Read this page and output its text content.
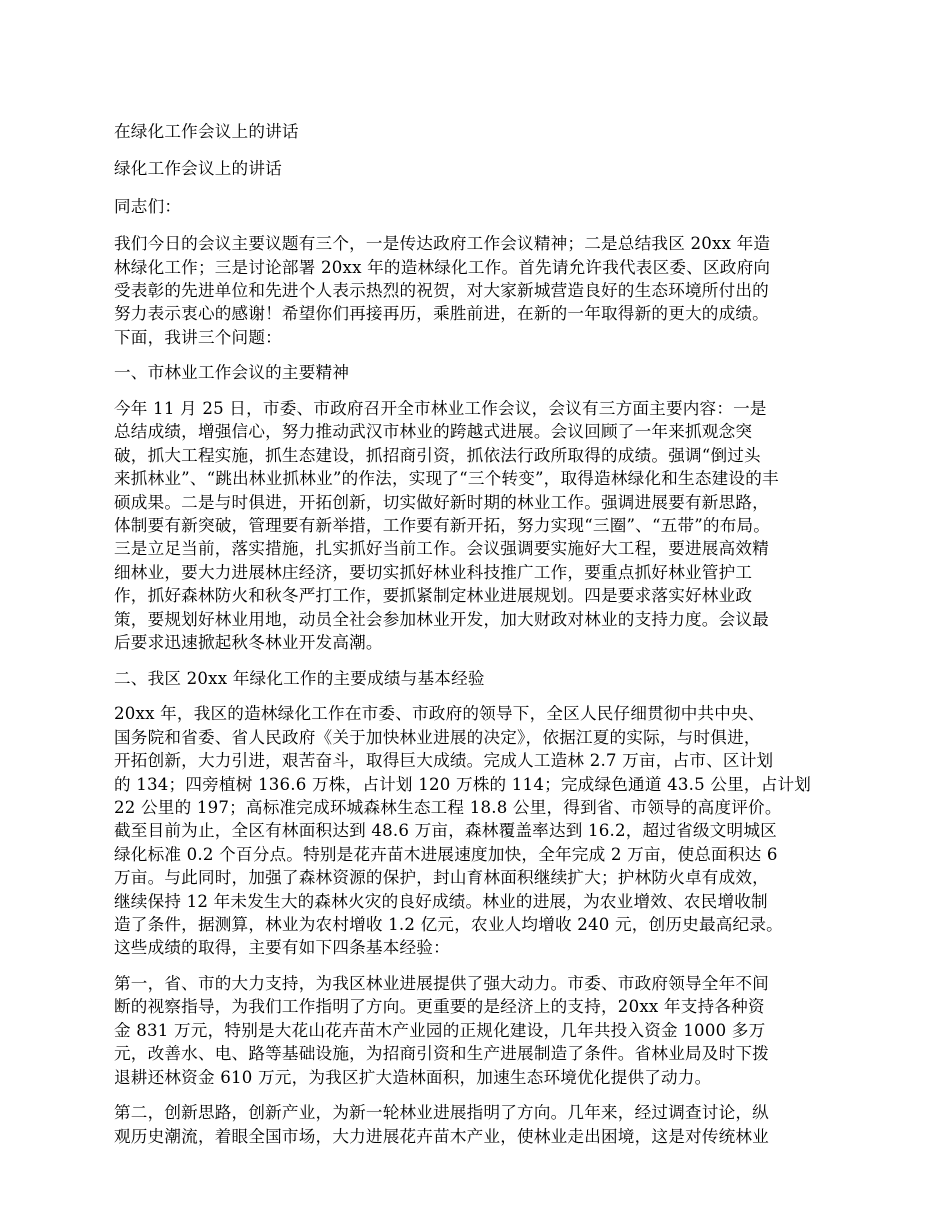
在绿化工作会议上的讲话
绿化工作会议上的讲话
同志们：
我们今日的会议主要议题有三个，一是传达政府工作会议精神；二是总结我区 20xx 年造
林绿化工作；三是讨论部署 20xx 年的造林绿化工作。首先请允许我代表区委、区政府向
受表彰的先进单位和先进个人表示热烈的祝贺，对大家新城营造良好的生态环境所付出的
努力表示衷心的感谢！希望你们再接再历，乘胜前进，在新的一年取得新的更大的成绩。
下面，我讲三个问题：
一、市林业工作会议的主要精神
今年 11 月 25 日，市委、市政府召开全市林业工作会议，会议有三方面主要内容：一是
总结成绩，增强信心，努力推动武汉市林业的跨越式进展。会议回顾了一年来抓观念突
破，抓大工程实施，抓生态建设，抓招商引资，抓依法行政所取得的成绩。强调“倒过头
来抓林业”、“跳出林业抓林业”的作法，实现了“三个转变”，取得造林绿化和生态建设的丰
硕成果。二是与时俱进，开拓创新，切实做好新时期的林业工作。强调进展要有新思路，
体制要有新突破，管理要有新举措，工作要有新开拓，努力实现“三圈”、“五带”的布局。
三是立足当前，落实措施，扎实抓好当前工作。会议强调要实施好大工程，要进展高效精
细林业，要大力进展林庄经济，要切实抓好林业科技推广工作，要重点抓好林业管护工
作，抓好森林防火和秋冬严打工作，要抓紧制定林业进展规划。四是要求落实好林业政
策，要规划好林业用地，动员全社会参加林业开发，加大财政对林业的支持力度。会议最
后要求迅速掀起秋冬林业开发高潮。
二、我区 20xx 年绿化工作的主要成绩与基本经验
20xx 年，我区的造林绿化工作在市委、市政府的领导下，全区人民仔细贯彻中共中央、
国务院和省委、省人民政府《关于加快林业进展的决定》，依据江夏的实际，与时俱进，
开拓创新，大力引进，艰苦奋斗，取得巨大成绩。完成人工造林 2.7 万亩，占市、区计划
的 134；四旁植树 136.6 万株，占计划 120 万株的 114；完成绿色通道 43.5 公里，占计划
22 公里的 197；高标准完成环城森林生态工程 18.8 公里，得到省、市领导的高度评价。
截至目前为止，全区有林面积达到 48.6 万亩，森林覆盖率达到 16.2，超过省级文明城区
绿化标准 0.2 个百分点。特别是花卉苗木进展速度加快，全年完成 2 万亩，使总面积达 6
万亩。与此同时，加强了森林资源的保护，封山育林面积继续扩大；护林防火卓有成效，
继续保持 12 年未发生大的森林火灾的良好成绩。林业的进展，为农业增效、农民增收制
造了条件，据测算，林业为农村增收 1.2 亿元，农业人均增收 240 元，创历史最高纪录。
这些成绩的取得，主要有如下四条基本经验：
第一，省、市的大力支持，为我区林业进展提供了强大动力。市委、市政府领导全年不间
断的视察指导，为我们工作指明了方向。更重要的是经济上的支持，20xx 年支持各种资
金 831 万元，特别是大花山花卉苗木产业园的正规化建设，几年共投入资金 1000 多万
元，改善水、电、路等基础设施，为招商引资和生产进展制造了条件。省林业局及时下拨
退耕还林资金 610 万元，为我区扩大造林面积，加速生态环境优化提供了动力。
第二，创新思路，创新产业，为新一轮林业进展指明了方向。几年来，经过调查讨论，纵
观历史潮流，着眼全国市场，大力进展花卉苗木产业，使林业走出困境，这是对传统林业
